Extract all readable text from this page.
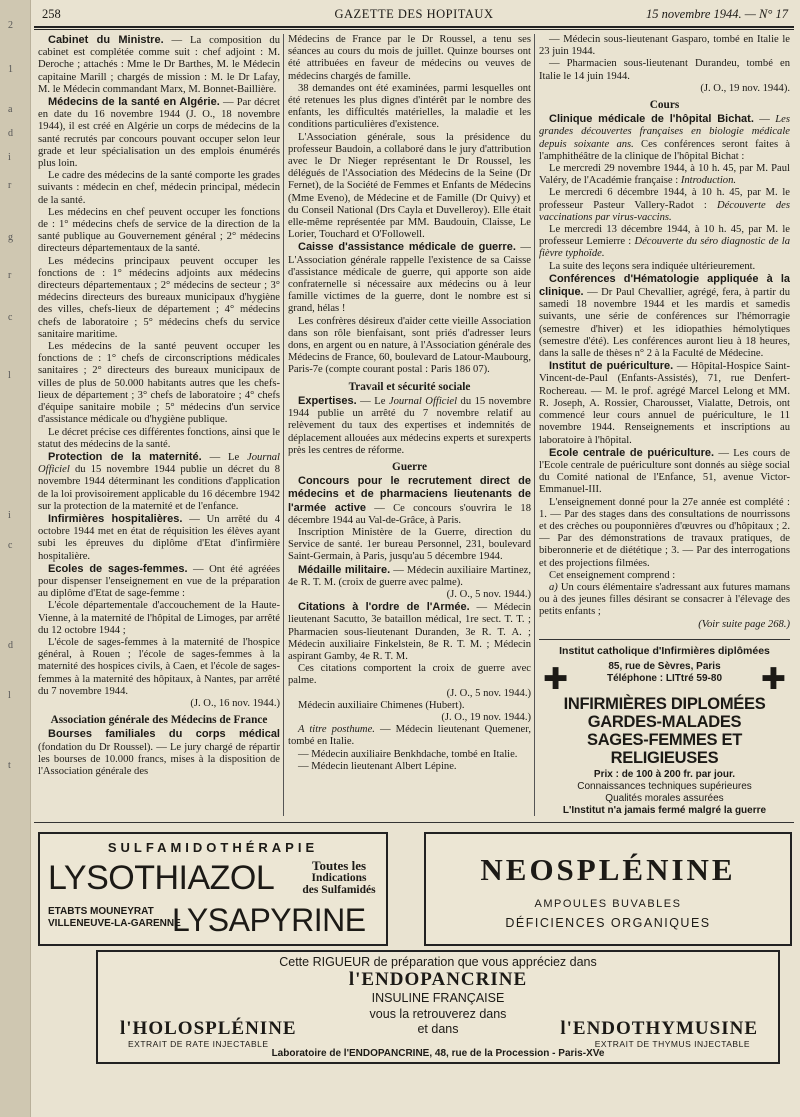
2
1
a
d
i
r
g
r
c
l
i
c
d
l
t
258	GAZETTE DES HOPITAUX	15 novembre 1944. — N° 17

Cabinet du Ministre. — La composition du cabinet est complétée comme suit : chef adjoint : M. Deroche ; attachés : Mme le Dr Barthes, M. le Médecin capitaine Marill ; chargés de mission : M. le Dr Lafay, M. le Médecin commandant Marx, M. Bonnet-Baillière.

Médecins de la santé en Algérie. — Par décret en date du 16 novembre 1944 (J. O., 18 novembre 1944), il est créé en Algérie un corps de médecins de la santé recrutés par concours pouvant occuper selon leur grade et leur spécialisation un des emplois énumérés plus loin.

Le cadre des médecins de la santé comporte les grades suivants : médecin en chef, médecin principal, médecin de la santé.

Les médecins en chef peuvent occuper les fonctions de : 1° médecins chefs de service de la direction de la santé publique au Gouvernement général ; 2° médecins directeurs départementaux de la santé.

Les médecins principaux peuvent occuper les fonctions de : 1° médecins adjoints aux médecins directeurs départementaux ; 2° médecins de secteur ; 3° médecins directeurs des bureaux municipaux d'hygiène des villes, chefs-lieux de département ; 4° médecins chefs de laboratoire ; 5° médecins chefs du service sanitaire maritime.

Les médecins de la santé peuvent occuper les fonctions de : 1° chefs de circonscriptions médicales sanitaires ; 2° directeurs des bureaux municipaux de villes de plus de 50.000 habitants autres que les chefs-lieux de département ; 3° chefs de laboratoire ; 4° chefs d'équipe sanitaire mobile ; 5° médecins d'un service d'assistance médicale ou d'hygiène publique.

Le décret précise ces différentes fonctions, ainsi que le statut des médecins de la santé.

Protection de la maternité. — Le Journal Officiel du 15 novembre 1944 publie un décret du 8 novembre 1944 déterminant les conditions d'application de la loi provisoirement applicable du 16 décembre 1942 sur la protection de la maternité et de l'enfance.

Infirmières hospitalières. — Un arrêté du 4 octobre 1944 met en état de réquisition les élèves ayant subi les épreuves du diplôme d'Etat d'infirmière hospitalière.

Ecoles de sages-femmes. — Ont été agréées pour dispenser l'enseignement en vue de la préparation au diplôme d'Etat de sage-femme :

L'école départementale d'accouchement de la Haute-Vienne, à la maternité de l'hôpital de Limoges, par arrêté du 12 octobre 1944 ;

L'école de sages-femmes à la maternité de l'hospice général, à Rouen ; l'école de sages-femmes à la maternité des hospices civils, à Caen, et l'école de sages-femmes à la maternité des hôpitaux, à Nantes, par arrêté du 7 novembre 1944.

(J. O., 16 nov. 1944.)

Association générale des Médecins de France

Bourses familiales du corps médical (fondation du Dr Roussel). — Le jury chargé de répartir les bourses de 10.000 francs, mises à la disposition de l'Association générale des

Médecins de France par le Dr Roussel, a tenu ses séances au cours du mois de juillet. Quinze bourses ont été attribuées en faveur de médecins ou veuves de médecins chargés de famille.

38 demandes ont été examinées, parmi lesquelles ont été retenues les plus dignes d'intérêt par le nombre des enfants, les difficultés matérielles, la maladie et les conditions particulières d'existence.

L'Association générale, sous la présidence du professeur Baudoin, a collaboré dans le jury d'attribution avec le Dr Nieger représentant le Dr Roussel, les délégués de l'Association des Médecins de la Seine (Dr Fernet), de la Société de Femmes et Enfants de Médecins (Mme Eveno), de Médecine et de Famille (Dr Quivy) et du Conseil National (Drs Cayla et Duvelleroy). Elle était elle-même représentée par MM. Baudouin, Claisse, Le Lorier, Touchard et O'Followell.

Caisse d'assistance médicale de guerre. — L'Association générale rappelle l'existence de sa Caisse d'assistance médicale de guerre, qui apporte son aide confraternelle si nécessaire aux médecins ou à leur famille victimes de la guerre, dont le nombre est si grand, hélas !

Les confrères désireux d'aider cette vieille Association dans son rôle bienfaisant, sont priés d'adresser leurs dons, en argent ou en nature, à l'Association générale des Médecins de France, 60, boulevard de Latour-Maubourg, Paris-7e (compte courant postal : Paris 186 07).

Travail et sécurité sociale

Expertises. — Le Journal Officiel du 15 novembre 1944 publie un arrêté du 7 novembre relatif au relèvement du taux des expertises et indemnités de déplacement allouées aux médecins experts et surexperts près les centres de réforme.

Guerre

Concours pour le recrutement direct de médecins et de pharmaciens lieutenants de l'armée active — Ce concours s'ouvrira le 18 décembre 1944 au Val-de-Grâce, à Paris.

Inscription Ministère de la Guerre, direction du Service de santé. 1er bureau Personnel, 231, boulevard Saint-Germain, à Paris, jusqu'au 5 décembre 1944.

Médaille militaire. — Médecin auxiliaire Martinez, 4e R. T. M. (croix de guerre avec palme).

(J. O., 5 nov. 1944.)

Citations à l'ordre de l'Armée. — Médecin lieutenant Sacutto, 3e bataillon médical, 1re sect. T. T. ; Pharmacien sous-lieutenant Duranden, 3e R. T. A. ; Médecin auxiliaire Finkelstein, 8e R. T. M. ; Médecin aspirant Gamby, 4e R. T. M.

Ces citations comportent la croix de guerre avec palme.

(J. O., 5 nov. 1944.)

Médecin auxiliaire Chimenes (Hubert).

(J. O., 19 nov. 1944.)

A titre posthume. — Médecin lieutenant Quemener, tombé en Italie.

— Médecin auxiliaire Benkhdache, tombé en Italie.

— Médecin lieutenant Albert Lépine.

— Médecin sous-lieutenant Gasparo, tombé en Italie le 23 juin 1944.

— Pharmacien sous-lieutenant Durandeu, tombé en Italie le 14 juin 1944.

(J. O., 19 nov. 1944).

Cours

Clinique médicale de l'hôpital Bichat. — Les grandes découvertes françaises en biologie médicale depuis soixante ans. Ces conférences seront faites à l'amphithéâtre de la clinique de l'hôpital Bichat :

Le mercredi 29 novembre 1944, à 10 h. 45, par M. Paul Valéry, de l'Académie française : Introduction.

Le mercredi 6 décembre 1944, à 10 h. 45, par M. le professeur Pasteur Vallery-Radot : Découverte des vaccinations par virus-vaccins.

Le mercredi 13 décembre 1944, à 10 h. 45, par M. le professeur Lemierre : Découverte du séro diagnostic de la fièvre typhoïde.

La suite des leçons sera indiquée ultérieurement.

Conférences d'Hématologie appliquée à la clinique. — Dr Paul Chevallier, agrégé, fera, à partir du samedi 18 novembre 1944 et les mardis et samedis suivants, une série de conférences sur l'hémorragie (semestre d'hiver) et les idiopathies hémolytiques (semestre d'été). Les conférences auront lieu à 18 heures, dans la salle de thèses n° 2 à la Faculté de Médecine.

Institut de puériculture. — Hôpital-Hospice Saint-Vincent-de-Paul (Enfants-Assistés), 71, rue Denfert-Rochereau. — M. le prof. agrégé Marcel Lelong et MM. R. Joseph, A. Rossier, Charousset, Vialatte, Detrois, ont commencé leur cours annuel de puériculture, le 11 novembre 1944. Renseignements et inscriptions au laboratoire à l'hôpital.

Ecole centrale de puériculture. — Les cours de l'Ecole centrale de puériculture sont donnés au siège social du Comité national de l'Enfance, 51, avenue Victor-Emmanuel-III.

L'enseignement donné pour la 27e année est complété : 1. — Par des stages dans des consultations de nourrissons et des crèches ou pouponnières d'œuvres ou d'hôpitaux ; 2. — Par des démonstrations de travaux pratiques, de biberonnerie et de diététique ; 3. — Par des interrogations et des projections filmées.

Cet enseignement comprend :

a) Un cours élémentaire s'adressant aux futures mamans ou à des jeunes filles désirant se consacrer à l'élevage des petits enfants ;

(Voir suite page 268.)

Institut catholique d'Infirmières diplômées
✚	85, rue de Sèvres, Paris
Téléphone : LITtré 59-80	✚
INFIRMIÈRES DIPLOMÉES
GARDES-MALADES
SAGES-FEMMES ET RELIGIEUSES
Prix : de 100 à 200 fr. par jour.
Connaissances techniques supérieures
Qualités morales assurées
L'Institut n'a jamais fermé malgré la guerre
SULFAMIDOTHÉRAPIE
LYSOTHIAZOL	Toutes les
Indications
des Sulfamidés
ETABTS MOUNEYRAT
VILLENEUVE-LA-GARENNE
LYSAPYRINE
NEOSPLÉNINE
AMPOULES BUVABLES
DÉFICIENCES ORGANIQUES
Cette RIGUEUR de préparation que vous appréciez dans
l'ENDOPANCRINE
INSULINE FRANÇAISE
vous la retrouverez dans
l'HOLOSPLÉNINE	et dans	l'ENDOTHYMUSINE
EXTRAIT DE RATE INJECTABLE	EXTRAIT DE THYMUS INJECTABLE
Laboratoire de l'ENDOPANCRINE, 48, rue de la Procession - Paris-XVe
